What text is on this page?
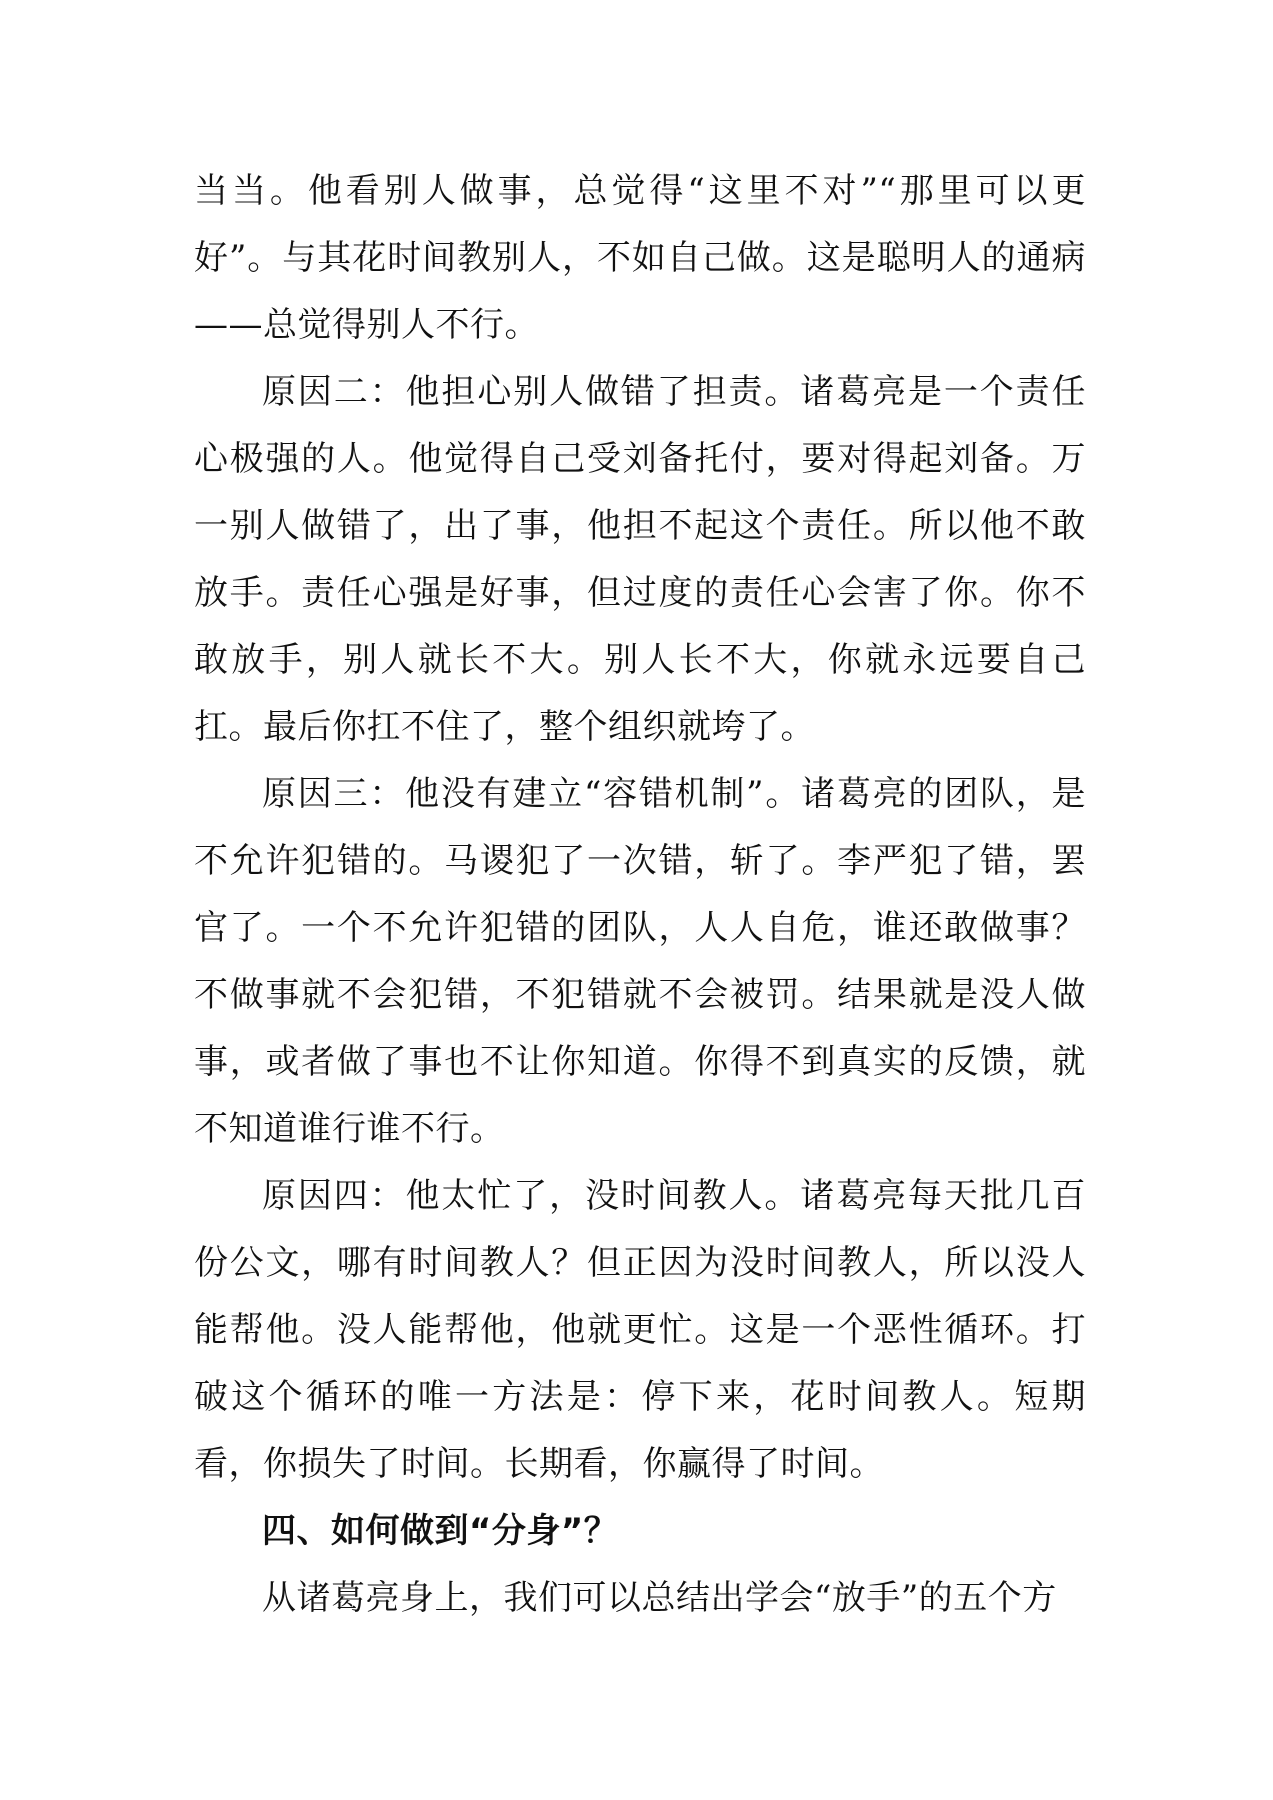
当当。他看别人做事，总觉得“这里不对”“那里可以更好”。与其花时间教别人，不如自己做。这是聪明人的通病——总觉得别人不行。

原因二：他担心别人做错了担责。诸葛亮是一个责任心极强的人。他觉得自己受刘备托付，要对得起刘备。万一别人做错了，出了事，他担不起这个责任。所以他不敢放手。责任心强是好事，但过度的责任心会害了你。你不敢放手，别人就长不大。别人长不大，你就永远要自己扛。最后你扛不住了，整个组织就垮了。

原因三：他没有建立“容错机制”。诸葛亮的团队，是不允许犯错的。马谡犯了一次错，斩了。李严犯了错，罢官了。一个不允许犯错的团队，人人自危，谁还敢做事？不做事就不会犯错，不犯错就不会被罚。结果就是没人做事，或者做了事也不让你知道。你得不到真实的反馈，就不知道谁行谁不行。

原因四：他太忙了，没时间教人。诸葛亮每天批几百份公文，哪有时间教人？但正因为没时间教人，所以没人能帮他。没人能帮他，他就更忙。这是一个恶性循环。打破这个循环的唯一方法是：停下来，花时间教人。短期看，你损失了时间。长期看，你赢得了时间。

四、如何做到“分身”？

从诸葛亮身上，我们可以总结出学会“放手”的五个方
